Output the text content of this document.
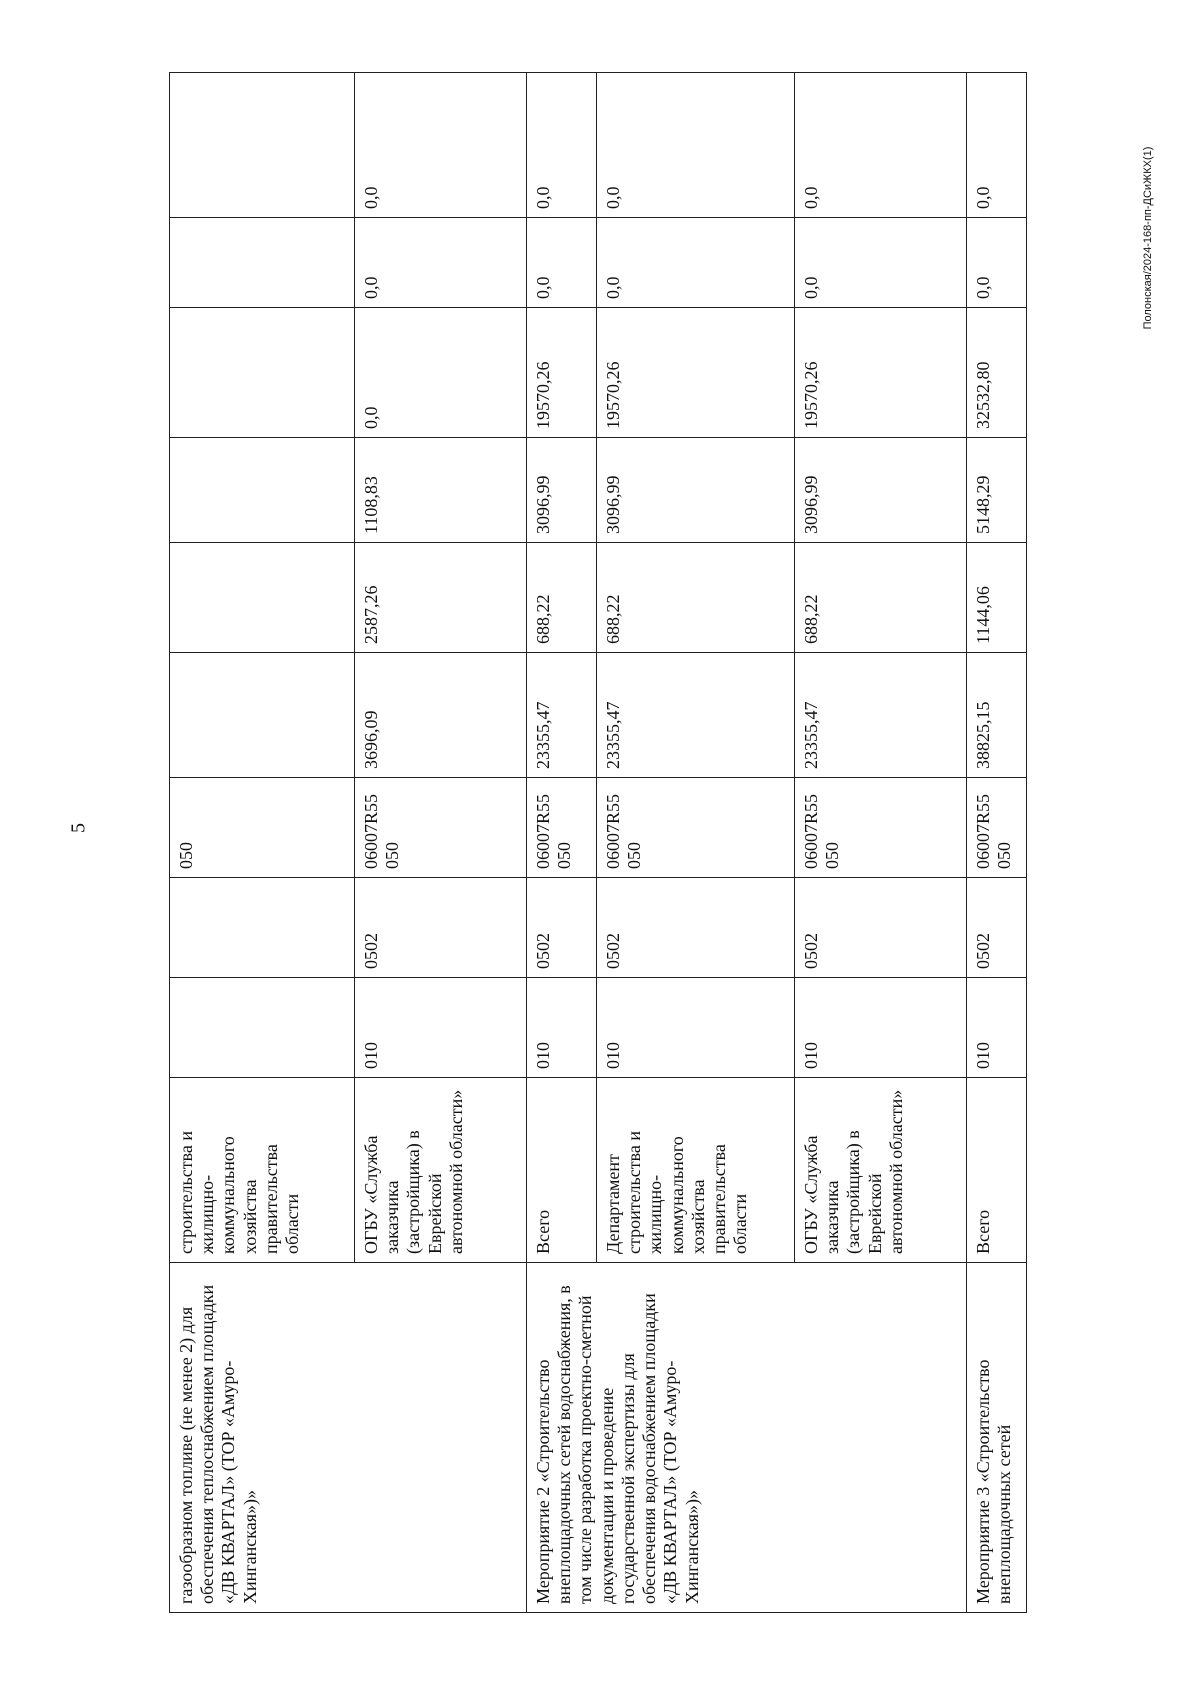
5
Полонская/2024-168-пп-ДСиЖКХ(1)
газообразном топливе (не менее 2) для обеспечения теплоснабжением площадки «ДВ КВАРТАЛ» (ТОР «Амуро-Хинганская»)»	строительства и жилищно-коммунального хозяйства правительства области			050						
	ОГБУ «Служба заказчика (застройщика) в Еврейской автономной области»	010	0502	06007R55 050	3696,09	2587,26	1108,83	0,0	0,0	0,0
Мероприятие 2 «Строительство внеплощадочных сетей водоснабжения, в том числе разработка проектно-сметной документации и проведение государственной экспертизы для обеспечения водоснабжением площадки «ДВ КВАРТАЛ» (ТОР «Амуро-Хинганская»)»	Всего	010	0502	06007R55 050	23355,47	688,22	3096,99	19570,26	0,0	0,0
	Департамент строительства и жилищно-коммунального хозяйства правительства области	010	0502	06007R55 050	23355,47	688,22	3096,99	19570,26	0,0	0,0
	ОГБУ «Служба заказчика (застройщика) в Еврейской автономной области»	010	0502	06007R55 050	23355,47	688,22	3096,99	19570,26	0,0	0,0
Мероприятие 3 «Строительство внеплощадочных сетей	Всего	010	0502	06007R55 050	38825,15	1144,06	5148,29	32532,80	0,0	0,0
